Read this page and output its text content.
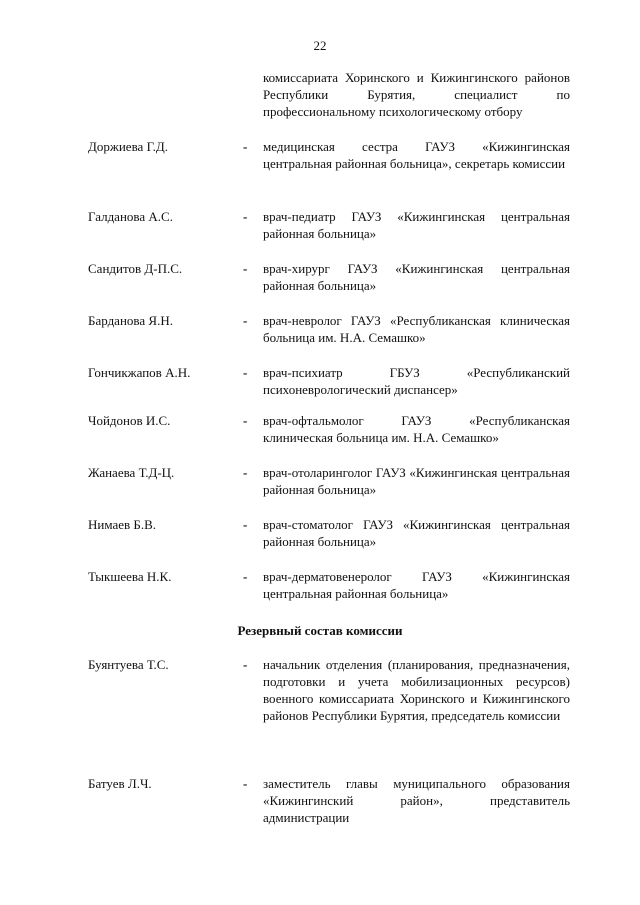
22
комиссариата Хоринского и Кижингинского районов Республики Бурятия, специалист по профессиональному психологическому отбору
Доржиева Г.Д.	- медицинская сестра ГАУЗ «Кижингинская центральная районная больница», секретарь комиссии
Галданова А.С.	- врач-педиатр ГАУЗ «Кижингинская центральная районная больница»
Сандитов Д-П.С.	- врач-хирург ГАУЗ «Кижингинская центральная районная больница»
Барданова Я.Н.	- врач-невролог ГАУЗ «Республиканская клиническая больница им. Н.А. Семашко»
Гончикжапов А.Н.	- врач-психиатр ГБУЗ «Республиканский психоневрологический диспансер»
Чойдонов И.С.	- врач-офтальмолог ГАУЗ «Республиканская клиническая больница им. Н.А. Семашко»
Жанаева Т.Д-Ц.	- врач-отоларинголог ГАУЗ «Кижингинская центральная районная больница»
Нимаев Б.В.	- врач-стоматолог ГАУЗ «Кижингинская центральная районная больница»
Тыкшеева Н.К.	- врач-дерматовенеролог ГАУЗ «Кижингинская центральная районная больница»
Резервный состав комиссии
Буянтуева Т.С.	- начальник отделения (планирования, предназначения, подготовки и учета мобилизационных ресурсов) военного комиссариата Хоринского и Кижингинского районов Республики Бурятия, председатель комиссии
Батуев Л.Ч.	- заместитель главы муниципального образования «Кижингинский район», представитель администрации
